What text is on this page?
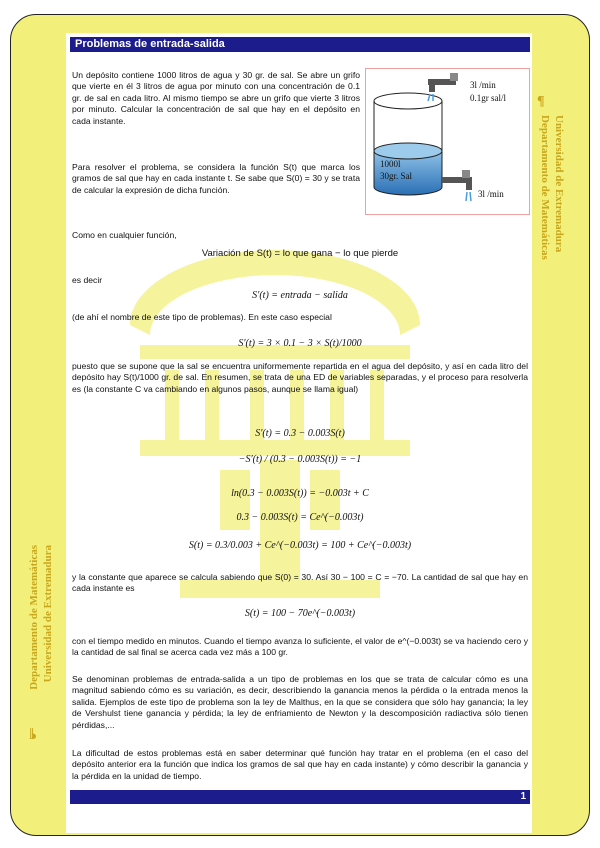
Problemas de entrada-salida
¶
Departamento de Matemáticas Universidad de Extremadura
Departamento de Matemáticas Universidad de Extremadura
¶
3l /min
0.1gr sal/l
1000l
30gr. Sal
3l /min
Un depósito contiene 1000 litros de agua y 30 gr. de sal. Se abre un grifo que vierte en él 3 litros de agua por minuto con una concentración de 0.1 gr. de sal en cada litro. Al mismo tiempo se abre un grifo que vierte 3 litros por minuto. Calcular la concentración de sal que hay en el depósito en cada instante.
Para resolver el problema, se considera la función S(t) que marca los gramos de sal que hay en cada instante t. Se sabe que S(0) = 30 y se trata de calcular la expresión de dicha función.
Como en cualquier función,
Variación de S(t) = lo que gana − lo que pierde
es decir
S′(t) = entrada − salida
(de ahí el nombre de este tipo de problemas). En este caso especial
S′(t) = 3 × 0.1 − 3 × S(t)/1000
puesto que se supone que la sal se encuentra uniformemente repartida en el agua del depósito, y así en cada litro del depósito hay S(t)/1000 gr. de sal. En resumen, se trata de una ED de variables separadas, y el proceso para resolverla es (la constante C va cambiando en algunos pasos, aunque se llama igual)
S′(t) = 0.3 − 0.003S(t)
−S′(t) / (0.3 − 0.003S(t)) = −1
ln(0.3 − 0.003S(t)) = −0.003t + C
0.3 − 0.003S(t) = Ce^(−0.003t)
S(t) = 0.3/0.003 + Ce^(−0.003t) = 100 + Ce^(−0.003t)
y la constante que aparece se calcula sabiendo que S(0) = 30. Así 30 − 100 = C = −70. La cantidad de sal que hay en cada instante es
S(t) = 100 − 70e^(−0.003t)
con el tiempo medido en minutos. Cuando el tiempo avanza lo suficiente, el valor de e^(−0.003t) se va haciendo cero y la cantidad de sal final se acerca cada vez más a 100 gr.
Se denominan problemas de entrada-salida a un tipo de problemas en los que se trata de calcular cómo es una magnitud sabiendo cómo es su variación, es decir, describiendo la ganancia menos la pérdida o la entrada menos la salida. Ejemplos de este tipo de problema son la ley de Malthus, en la que se considera que sólo hay ganancia; la ley de Vershulst tiene ganancia y pérdida; la ley de enfriamiento de Newton y la descomposición radiactiva sólo tienen pérdidas,...
La dificultad de estos problemas está en saber determinar qué función hay tratar en el problema (en el caso del depósito anterior era la función que indica los gramos de sal que hay en cada instante) y cómo describir la ganancia y la pérdida en la unidad de tiempo.
1
